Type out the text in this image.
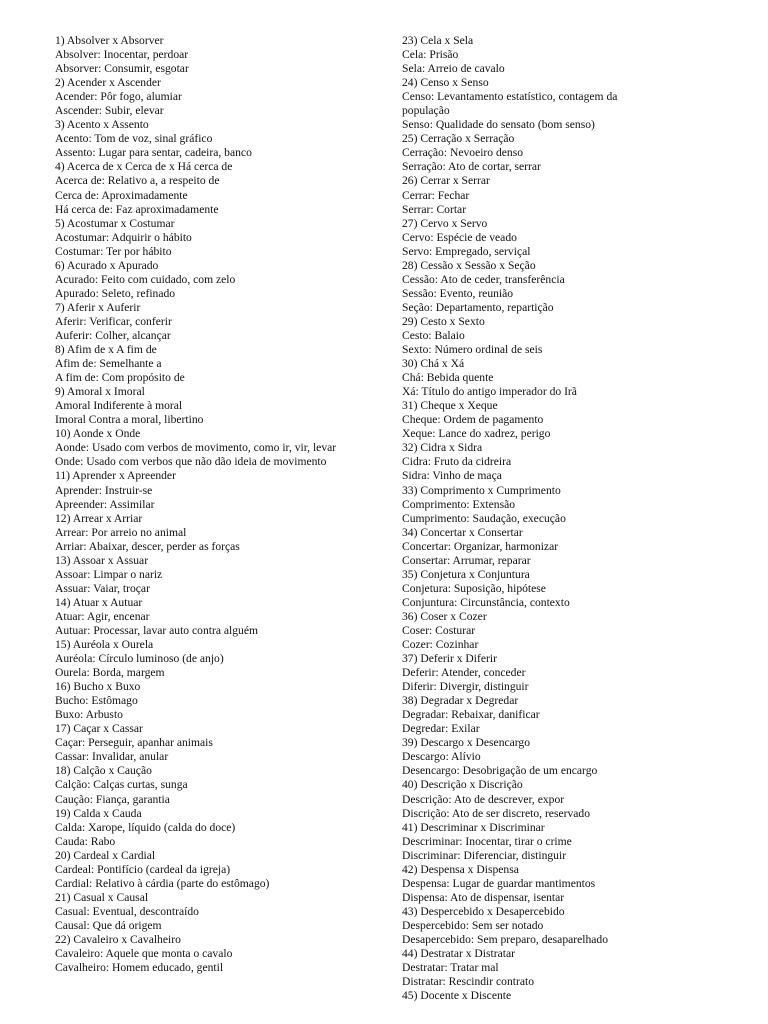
1) Absolver x Absorver
Absolver: Inocentar, perdoar
Absorver: Consumir, esgotar
2) Acender x Ascender
Acender: Pôr fogo, alumiar
Ascender: Subir, elevar
3) Acento x Assento
Acento: Tom de voz, sinal gráfico
Assento: Lugar para sentar, cadeira, banco
4) Acerca de x Cerca de x Há cerca de
Acerca de: Relativo a, a respeito de
Cerca de: Aproximadamente
Há cerca de: Faz aproximadamente
5) Acostumar x Costumar
Acostumar: Adquirir o hábito
Costumar: Ter por hábito
6) Acurado x Apurado
Acurado: Feito com cuidado, com zelo
Apurado: Seleto, refinado
7) Aferir x Auferir
Aferir: Verificar, conferir
Auferir: Colher, alcançar
8) Afim de x A fim de
Afim de: Semelhante a
A fim de: Com propósito de
9) Amoral x Imoral
Amoral Indiferente à moral
Imoral Contra a moral, libertino
10) Aonde x Onde
Aonde: Usado com verbos de movimento, como ir, vir, levar
Onde: Usado com verbos que não dão ideia de movimento
11) Aprender x Apreender
Aprender: Instruir-se
Apreender: Assimilar
12) Arrear x Arriar
Arrear: Por arreio no animal
Arriar: Abaixar, descer, perder as forças
13) Assoar x Assuar
Assoar: Limpar o nariz
Assuar: Vaiar, troçar
14) Atuar x Autuar
Atuar: Agir, encenar
Autuar: Processar, lavar auto contra alguém
15) Auréola x Ourela
Auréola: Círculo luminoso (de anjo)
Ourela: Borda, margem
16) Bucho x Buxo
Bucho: Estômago
Buxo: Arbusto
17) Caçar x Cassar
Caçar: Perseguir, apanhar animais
Cassar: Invalidar, anular
18) Calção x Caução
Calção: Calças curtas, sunga
Caução: Fiança, garantia
19) Calda x Cauda
Calda: Xarope, líquido (calda do doce)
Cauda: Rabo
20) Cardeal x Cardial
Cardeal: Pontifício (cardeal da igreja)
Cardial: Relativo à cárdia (parte do estômago)
21) Casual x Causal
Casual: Eventual, descontraído
Causal: Que dá origem
22) Cavaleiro x Cavalheiro
Cavaleiro: Aquele que monta o cavalo
Cavalheiro: Homem educado, gentil
23) Cela x Sela
Cela: Prisão
Sela: Arreio de cavalo
24) Censo x Senso
Censo: Levantamento estatístico, contagem da população
Senso: Qualidade do sensato (bom senso)
25) Cerração x Serração
Cerração: Nevoeiro denso
Serração: Ato de cortar, serrar
26) Cerrar x Serrar
Cerrar: Fechar
Serrar: Cortar
27) Cervo x Servo
Cervo: Espécie de veado
Servo: Empregado, serviçal
28) Cessão x Sessão x Seção
Cessão: Ato de ceder, transferência
Sessão: Evento, reunião
Seção: Departamento, repartição
29) Cesto x Sexto
Cesto: Balaio
Sexto: Número ordinal de seis
30) Chá x Xá
Chá: Bebida quente
Xá: Título do antigo imperador do Irã
31) Cheque x Xeque
Cheque: Ordem de pagamento
Xeque: Lance do xadrez, perigo
32) Cidra x Sidra
Cidra: Fruto da cidreira
Sidra: Vinho de maça
33) Comprimento x Cumprimento
Comprimento: Extensão
Cumprimento: Saudação, execução
34) Concertar x Consertar
Concertar: Organizar, harmonizar
Consertar: Arrumar, reparar
35) Conjetura x Conjuntura
Conjetura: Suposição, hipótese
Conjuntura: Circunstância, contexto
36) Coser x Cozer
Coser: Costurar
Cozer: Cozinhar
37) Deferir x Diferir
Deferir: Atender, conceder
Diferir: Divergir, distinguir
38) Degradar x Degredar
Degradar: Rebaixar, danificar
Degredar: Exilar
39) Descargo x Desencargo
Descargo: Alívio
Desencargo: Desobrigação de um encargo
40) Descrição x Discrição
Descrição: Ato de descrever, expor
Discrição: Ato de ser discreto, reservado
41) Descriminar x Discriminar
Descriminar: Inocentar, tirar o crime
Discriminar: Diferenciar, distinguir
42) Despensa x Dispensa
Despensa: Lugar de guardar mantimentos
Dispensa: Ato de dispensar, isentar
43) Despercebido x Desapercebido
Despercebido: Sem ser notado
Desapercebido: Sem preparo, desaparelhado
44) Destratar x Distratar
Destratar: Tratar mal
Distratar: Rescindir contrato
45) Docente x Discente
